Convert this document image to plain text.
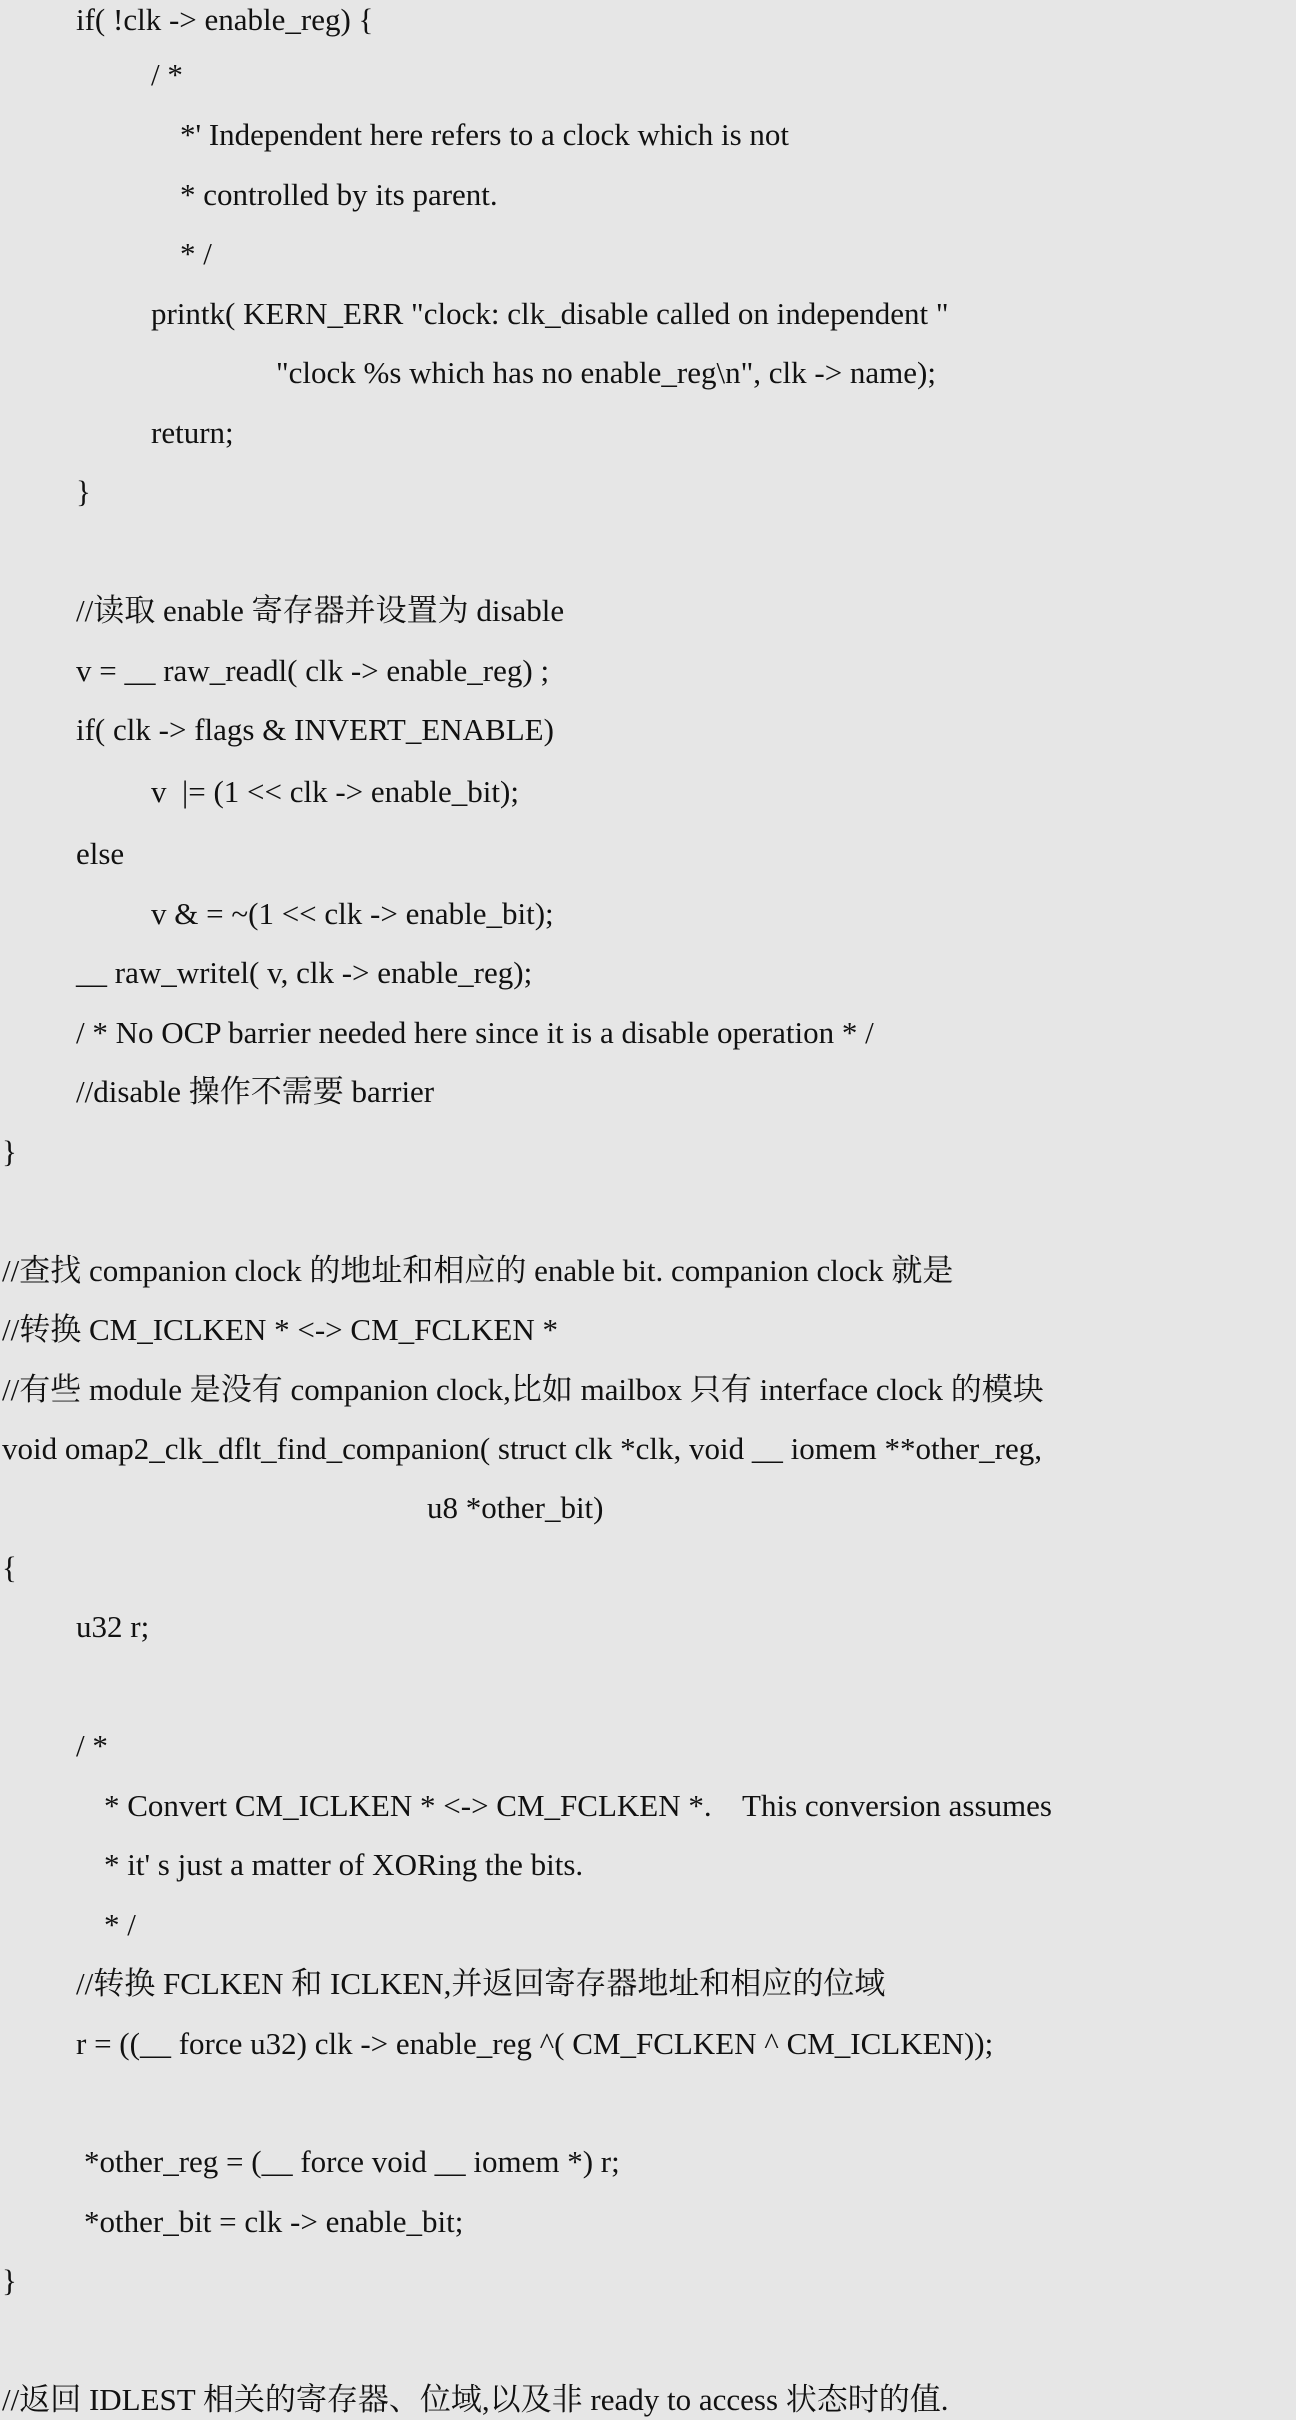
if( !clk -> enable_reg) {
/ *
*' Independent here refers to a clock which is not
* controlled by its parent.
* /
printk( KERN_ERR "clock: clk_disable called on independent "
"clock %s which has no enable_reg\n", clk -> name);
return;
}
//读取 enable 寄存器并设置为 disable
v = __ raw_readl( clk -> enable_reg) ;
if( clk -> flags & INVERT_ENABLE)
v  |= (1 << clk -> enable_bit);
else
v & = ~(1 << clk -> enable_bit);
__ raw_writel( v, clk -> enable_reg);
/ * No OCP barrier needed here since it is a disable operation * /
//disable 操作不需要 barrier
}
//查找 companion clock 的地址和相应的 enable bit. companion clock 就是
//转换 CM_ICLKEN * <-> CM_FCLKEN *
//有些 module 是没有 companion clock,比如 mailbox 只有 interface clock 的模块
void omap2_clk_dflt_find_companion( struct clk *clk, void __ iomem **other_reg,
u8 *other_bit)
{
u32 r;
/ *
* Convert CM_ICLKEN * <-> CM_FCLKEN *.    This conversion assumes
* it' s just a matter of XORing the bits.
* /
//转换 FCLKEN 和 ICLKEN,并返回寄存器地址和相应的位域
r = ((__ force u32) clk -> enable_reg ^( CM_FCLKEN ^ CM_ICLKEN));
*other_reg = (__ force void __ iomem *) r;
*other_bit = clk -> enable_bit;
}
//返回 IDLEST 相关的寄存器、位域,以及非 ready to access 状态时的值.
